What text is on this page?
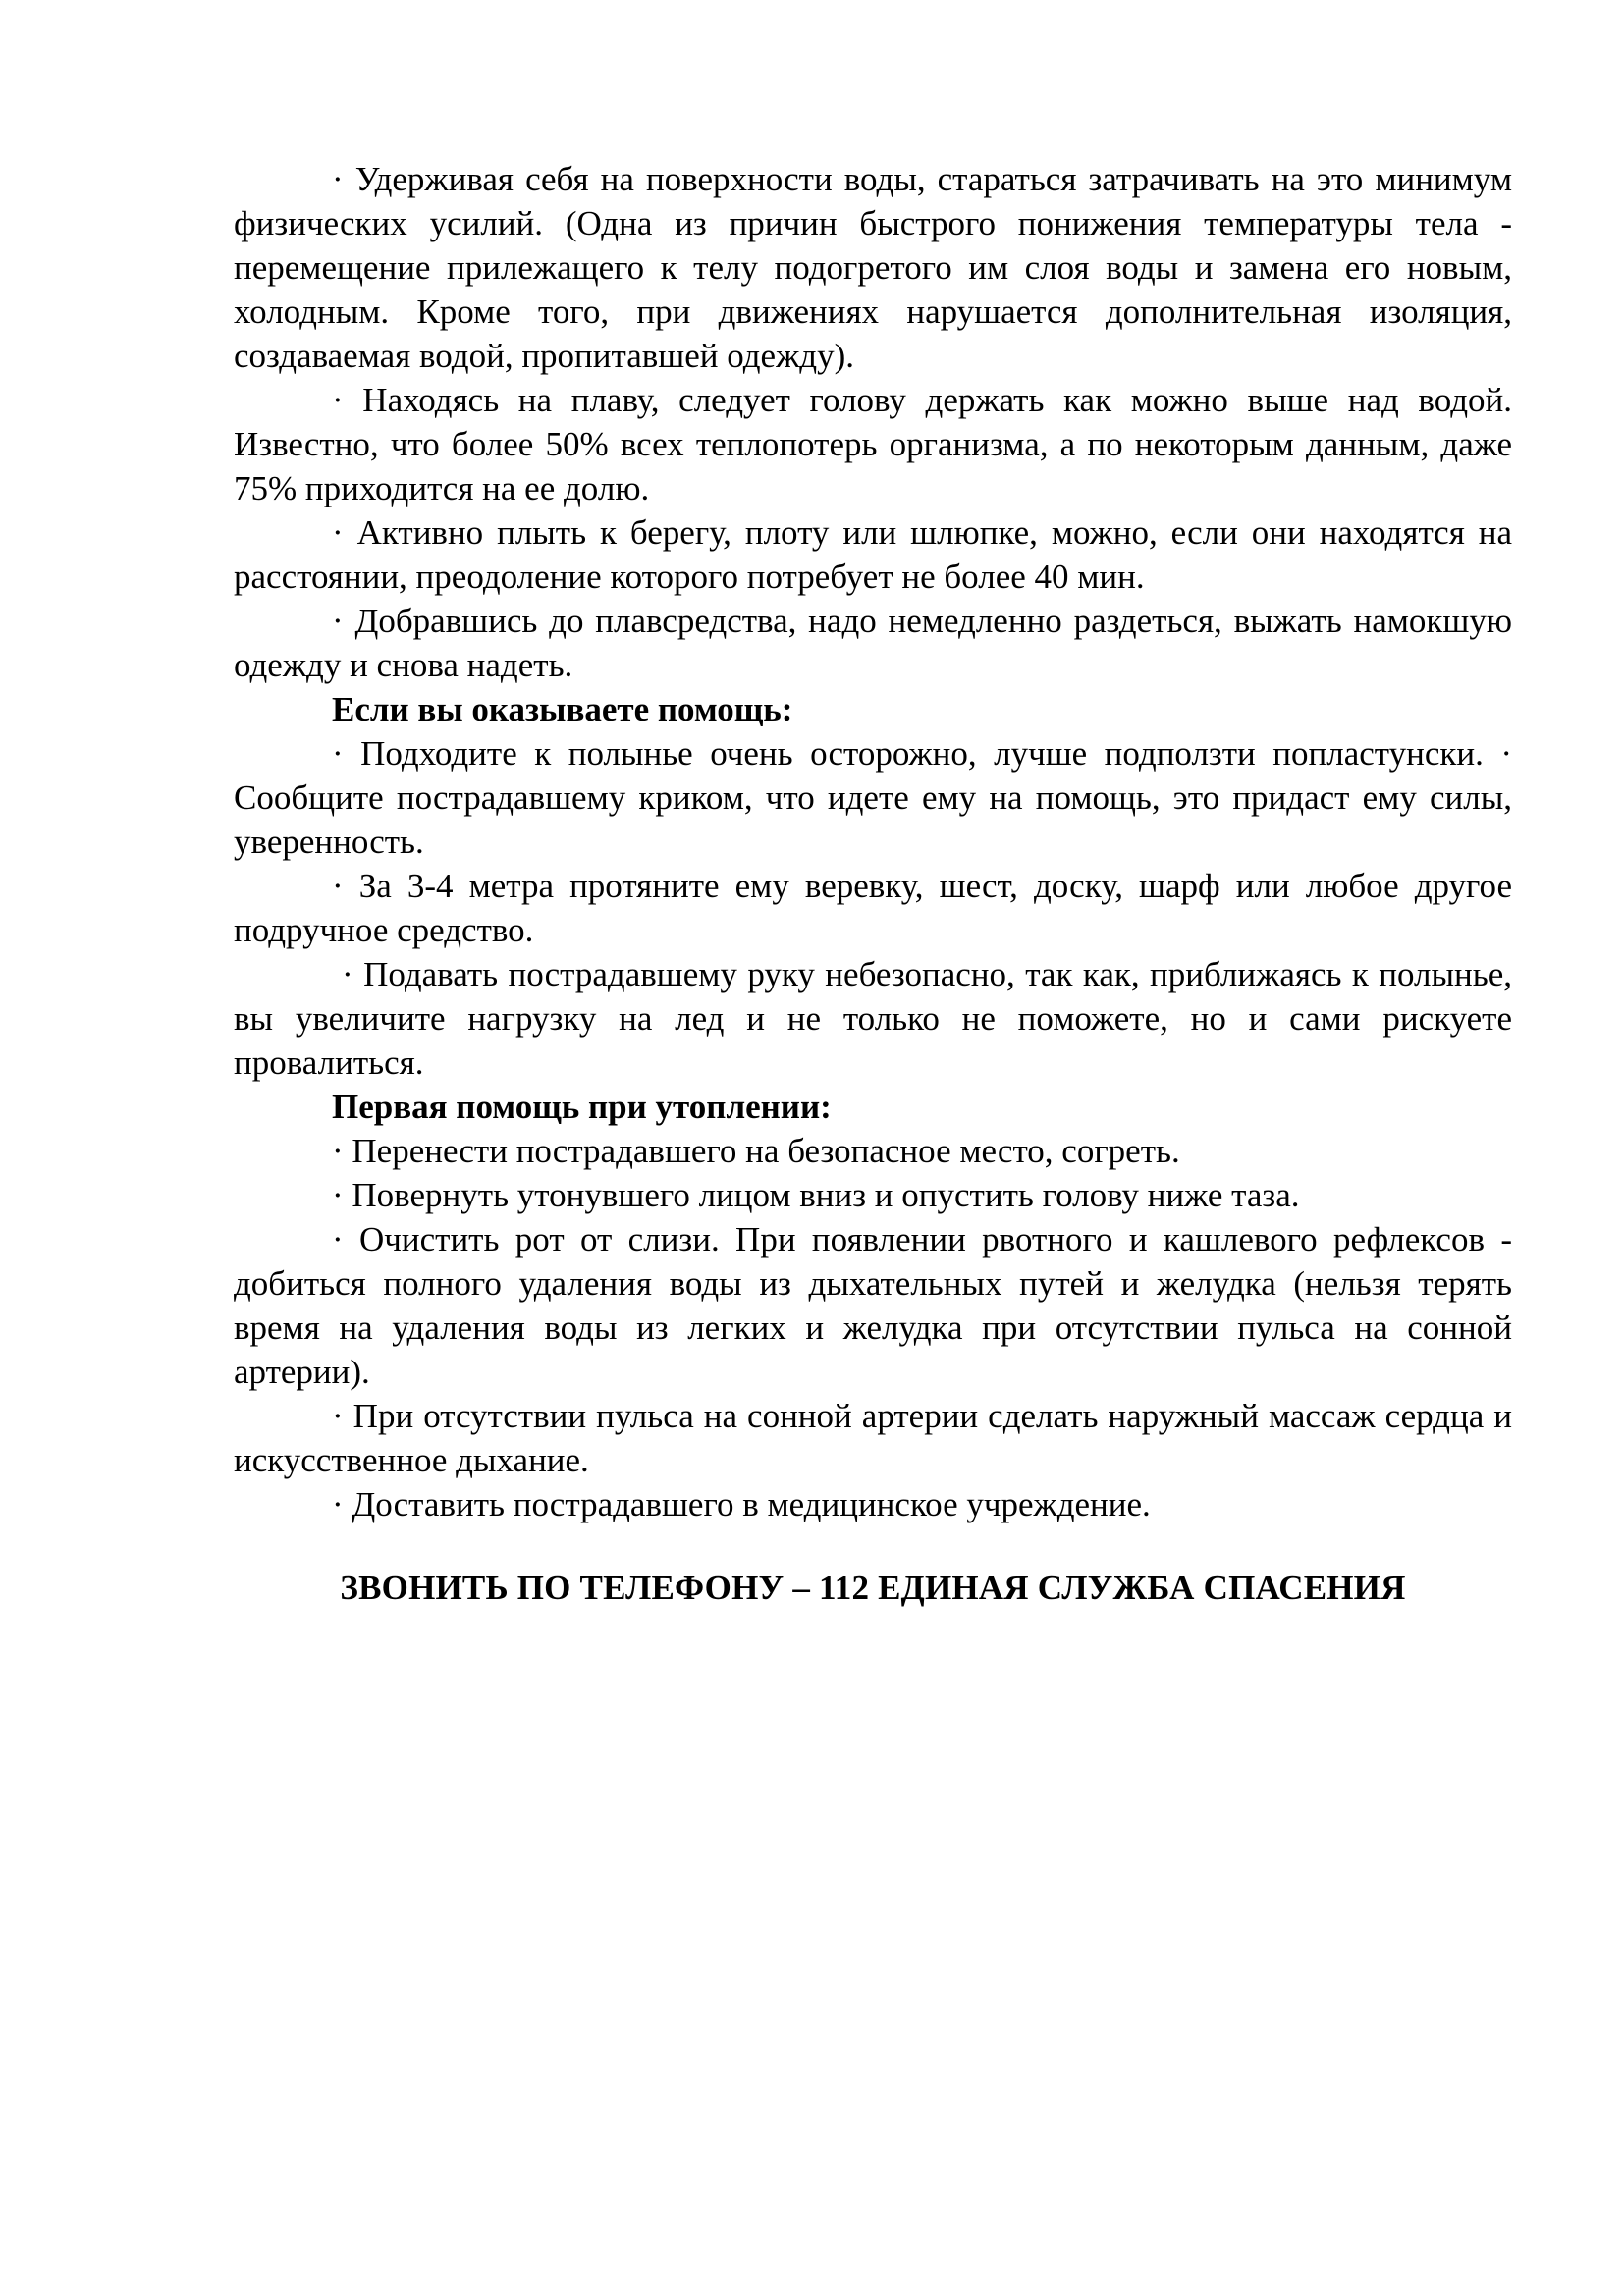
· Удерживая себя на поверхности воды, стараться затрачивать на это минимум физических усилий. (Одна из причин быстрого понижения температуры тела - перемещение прилежащего к телу подогретого им слоя воды и замена его новым, холодным. Кроме того, при движениях нарушается дополнительная изоляция, создаваемая водой, пропитавшей одежду).

· Находясь на плаву, следует голову держать как можно выше над водой. Известно, что более 50% всех теплопотерь организма, а по некоторым данным, даже 75% приходится на ее долю.

· Активно плыть к берегу, плоту или шлюпке, можно, если они находятся на расстоянии, преодоление которого потребует не более 40 мин.

· Добравшись до плавсредства, надо немедленно раздеться, выжать намокшую одежду и снова надеть.

Если вы оказываете помощь:

· Подходите к полынье очень осторожно, лучше подползти попластунски. · Сообщите пострадавшему криком, что идете ему на помощь, это придаст ему силы, уверенность.

· За 3-4 метра протяните ему веревку, шест, доску, шарф или любое другое подручное средство.

· Подавать пострадавшему руку небезопасно, так как, приближаясь к полынье, вы увеличите нагрузку на лед и не только не поможете, но и сами рискуете провалиться.

Первая помощь при утоплении:

· Перенести пострадавшего на безопасное место, согреть.

· Повернуть утонувшего лицом вниз и опустить голову ниже таза.

· Очистить рот от слизи. При появлении рвотного и кашлевого рефлексов - добиться полного удаления воды из дыхательных путей и желудка (нельзя терять время на удаления воды из легких и желудка при отсутствии пульса на сонной артерии).

· При отсутствии пульса на сонной артерии сделать наружный массаж сердца и искусственное дыхание.

· Доставить пострадавшего в медицинское учреждение.

ЗВОНИТЬ ПО ТЕЛЕФОНУ – 112 ЕДИНАЯ СЛУЖБА СПАСЕНИЯ
